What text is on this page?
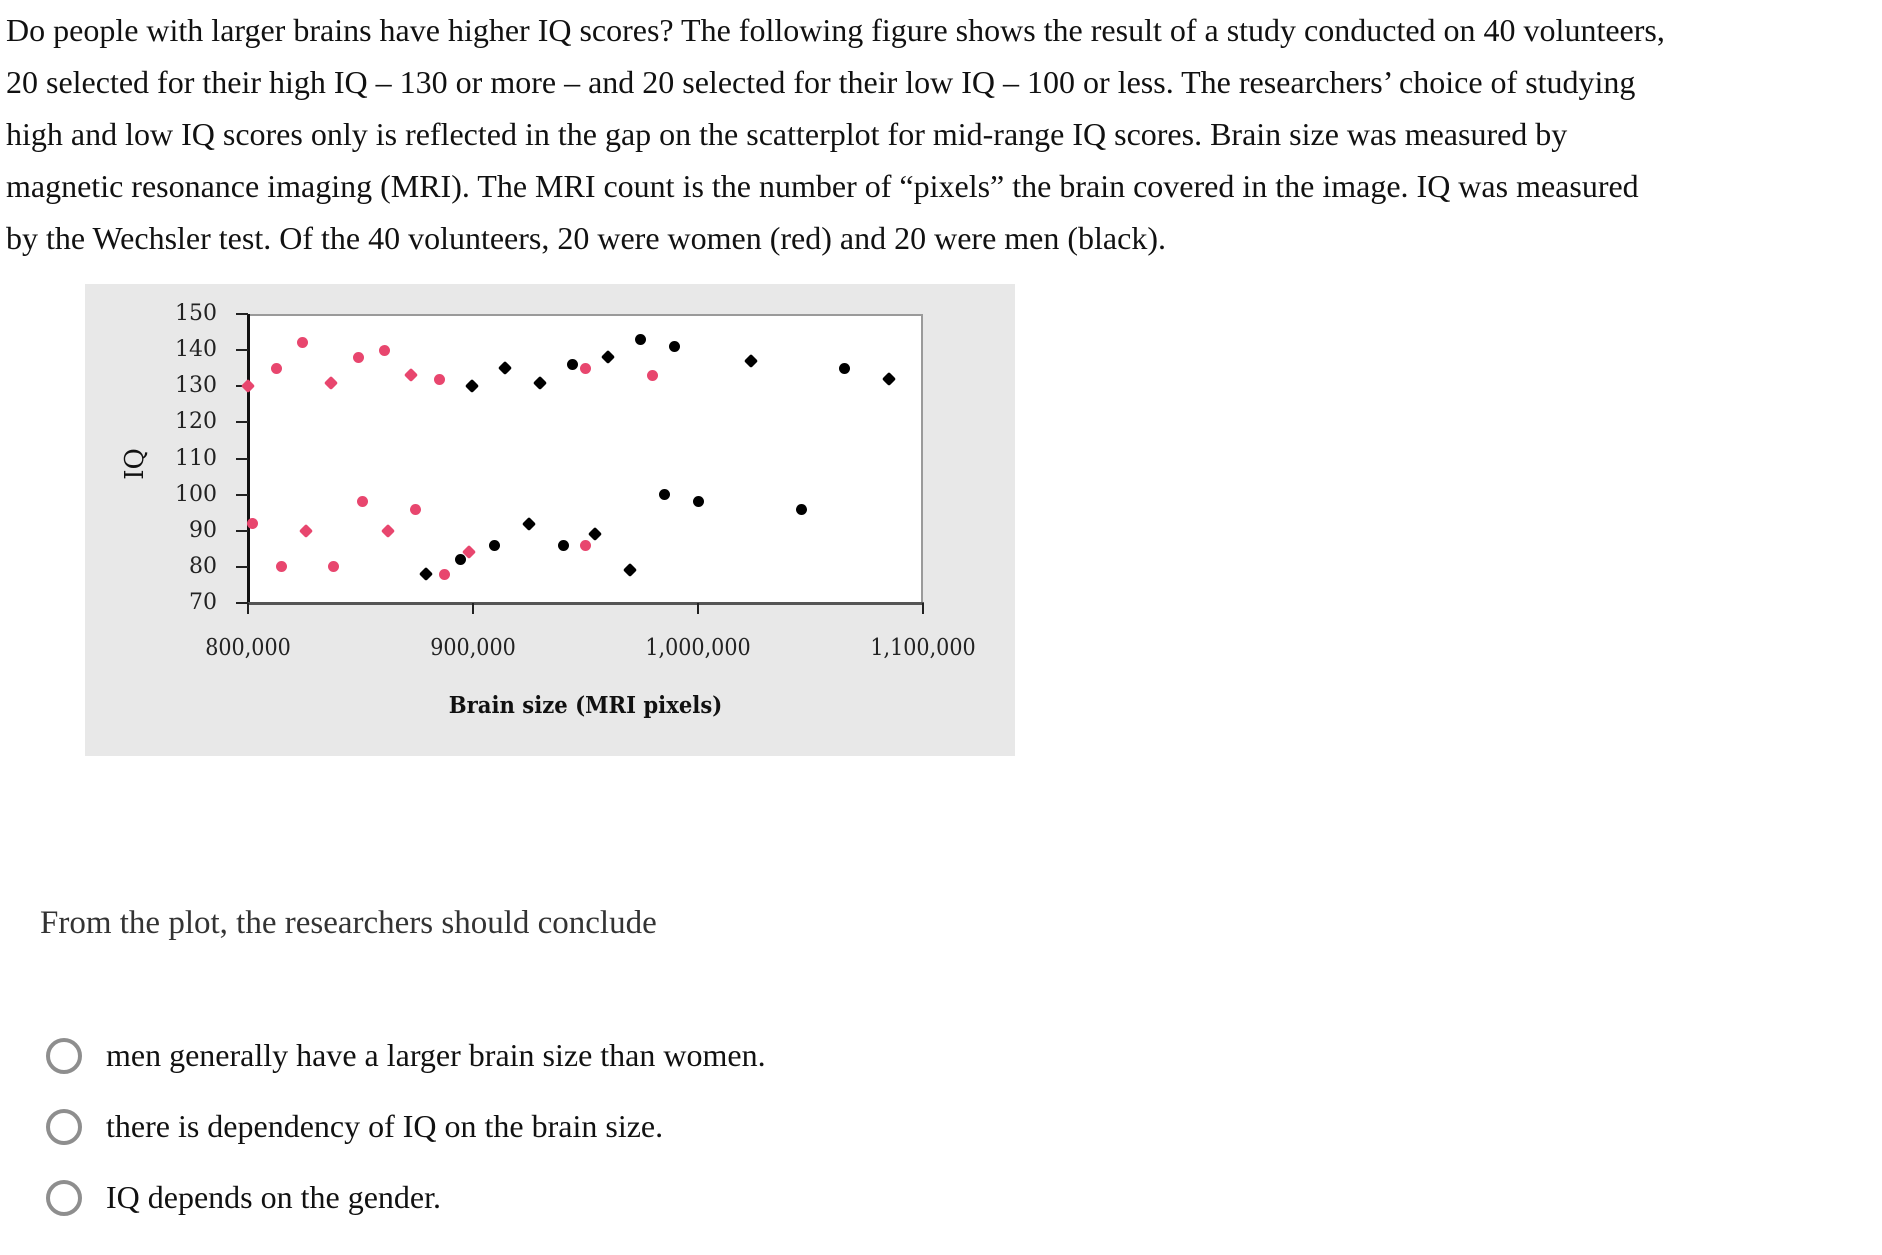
Do people with larger brains have higher IQ scores? The following figure shows the result of a study conducted on 40 volunteers,
20 selected for their high IQ – 130 or more – and 20 selected for their low IQ – 100 or less. The researchers’ choice of studying
high and low IQ scores only is reflected in the gap on the scatterplot for mid-range IQ scores. Brain size was measured by
magnetic resonance imaging (MRI). The MRI count is the number of “pixels” the brain covered in the image. IQ was measured
by the Wechsler test. Of the 40 volunteers, 20 were women (red) and 20 were men (black).
IQ
70
80
90
100
110
120
130
140
150
800,000	900,000	1,000,000	1,100,000
Brain size (MRI pixels)

From the plot, the researchers should conclude

men generally have a larger brain size than women.
there is dependency of IQ on the brain size.
IQ depends on the gender.
